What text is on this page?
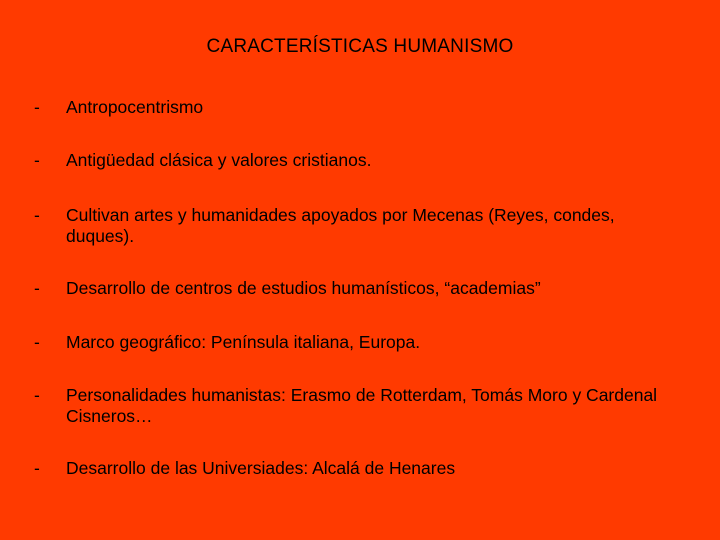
CARACTERÍSTICAS HUMANISMO
- Antropocentrismo
- Antigüedad clásica y valores cristianos.
- Cultivan artes y humanidades apoyados por Mecenas (Reyes, condes, duques).
- Desarrollo de centros de estudios humanísticos, “academias”
- Marco geográfico: Península italiana, Europa.
- Personalidades humanistas: Erasmo de Rotterdam, Tomás Moro y Cardenal Cisneros…
- Desarrollo de las Universiades: Alcalá de Henares
